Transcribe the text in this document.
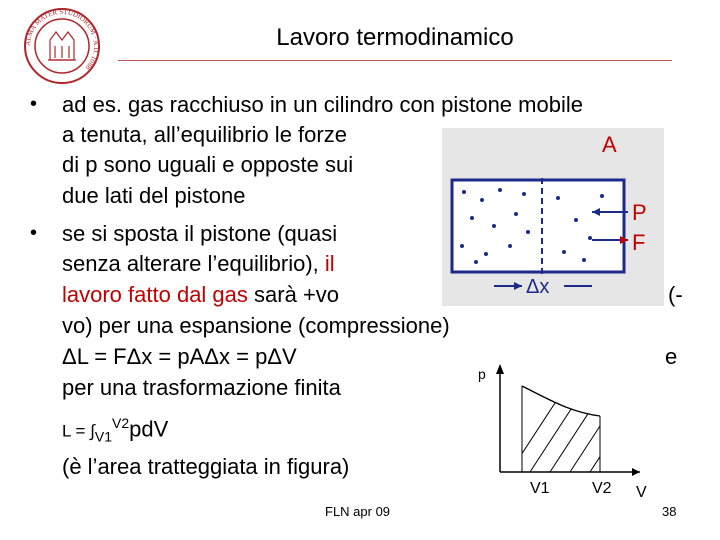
ALMA MATER STUDIORUM · A.D. 1088
Lavoro termodinamico
• ad es. gas racchiuso in un cilindro con pistone mobile
a tenuta, all’equilibrio le forze
di p sono uguali e opposte sui
due lati del pistone
• se si sposta il pistone (quasi
senza alterare l’equilibrio), il
lavoro fatto dal gas sarà +vo	(-
vo) per una espansione (compressione)
ΔL = FΔx = pAΔx = pΔV	e
per una trasformazione finita
$L = \int_{V1}^{V2}pdV$
(è l’area tratteggiata in figura)
A
P
F
Δx
p
V1	V2 V
FLN apr 09	38
